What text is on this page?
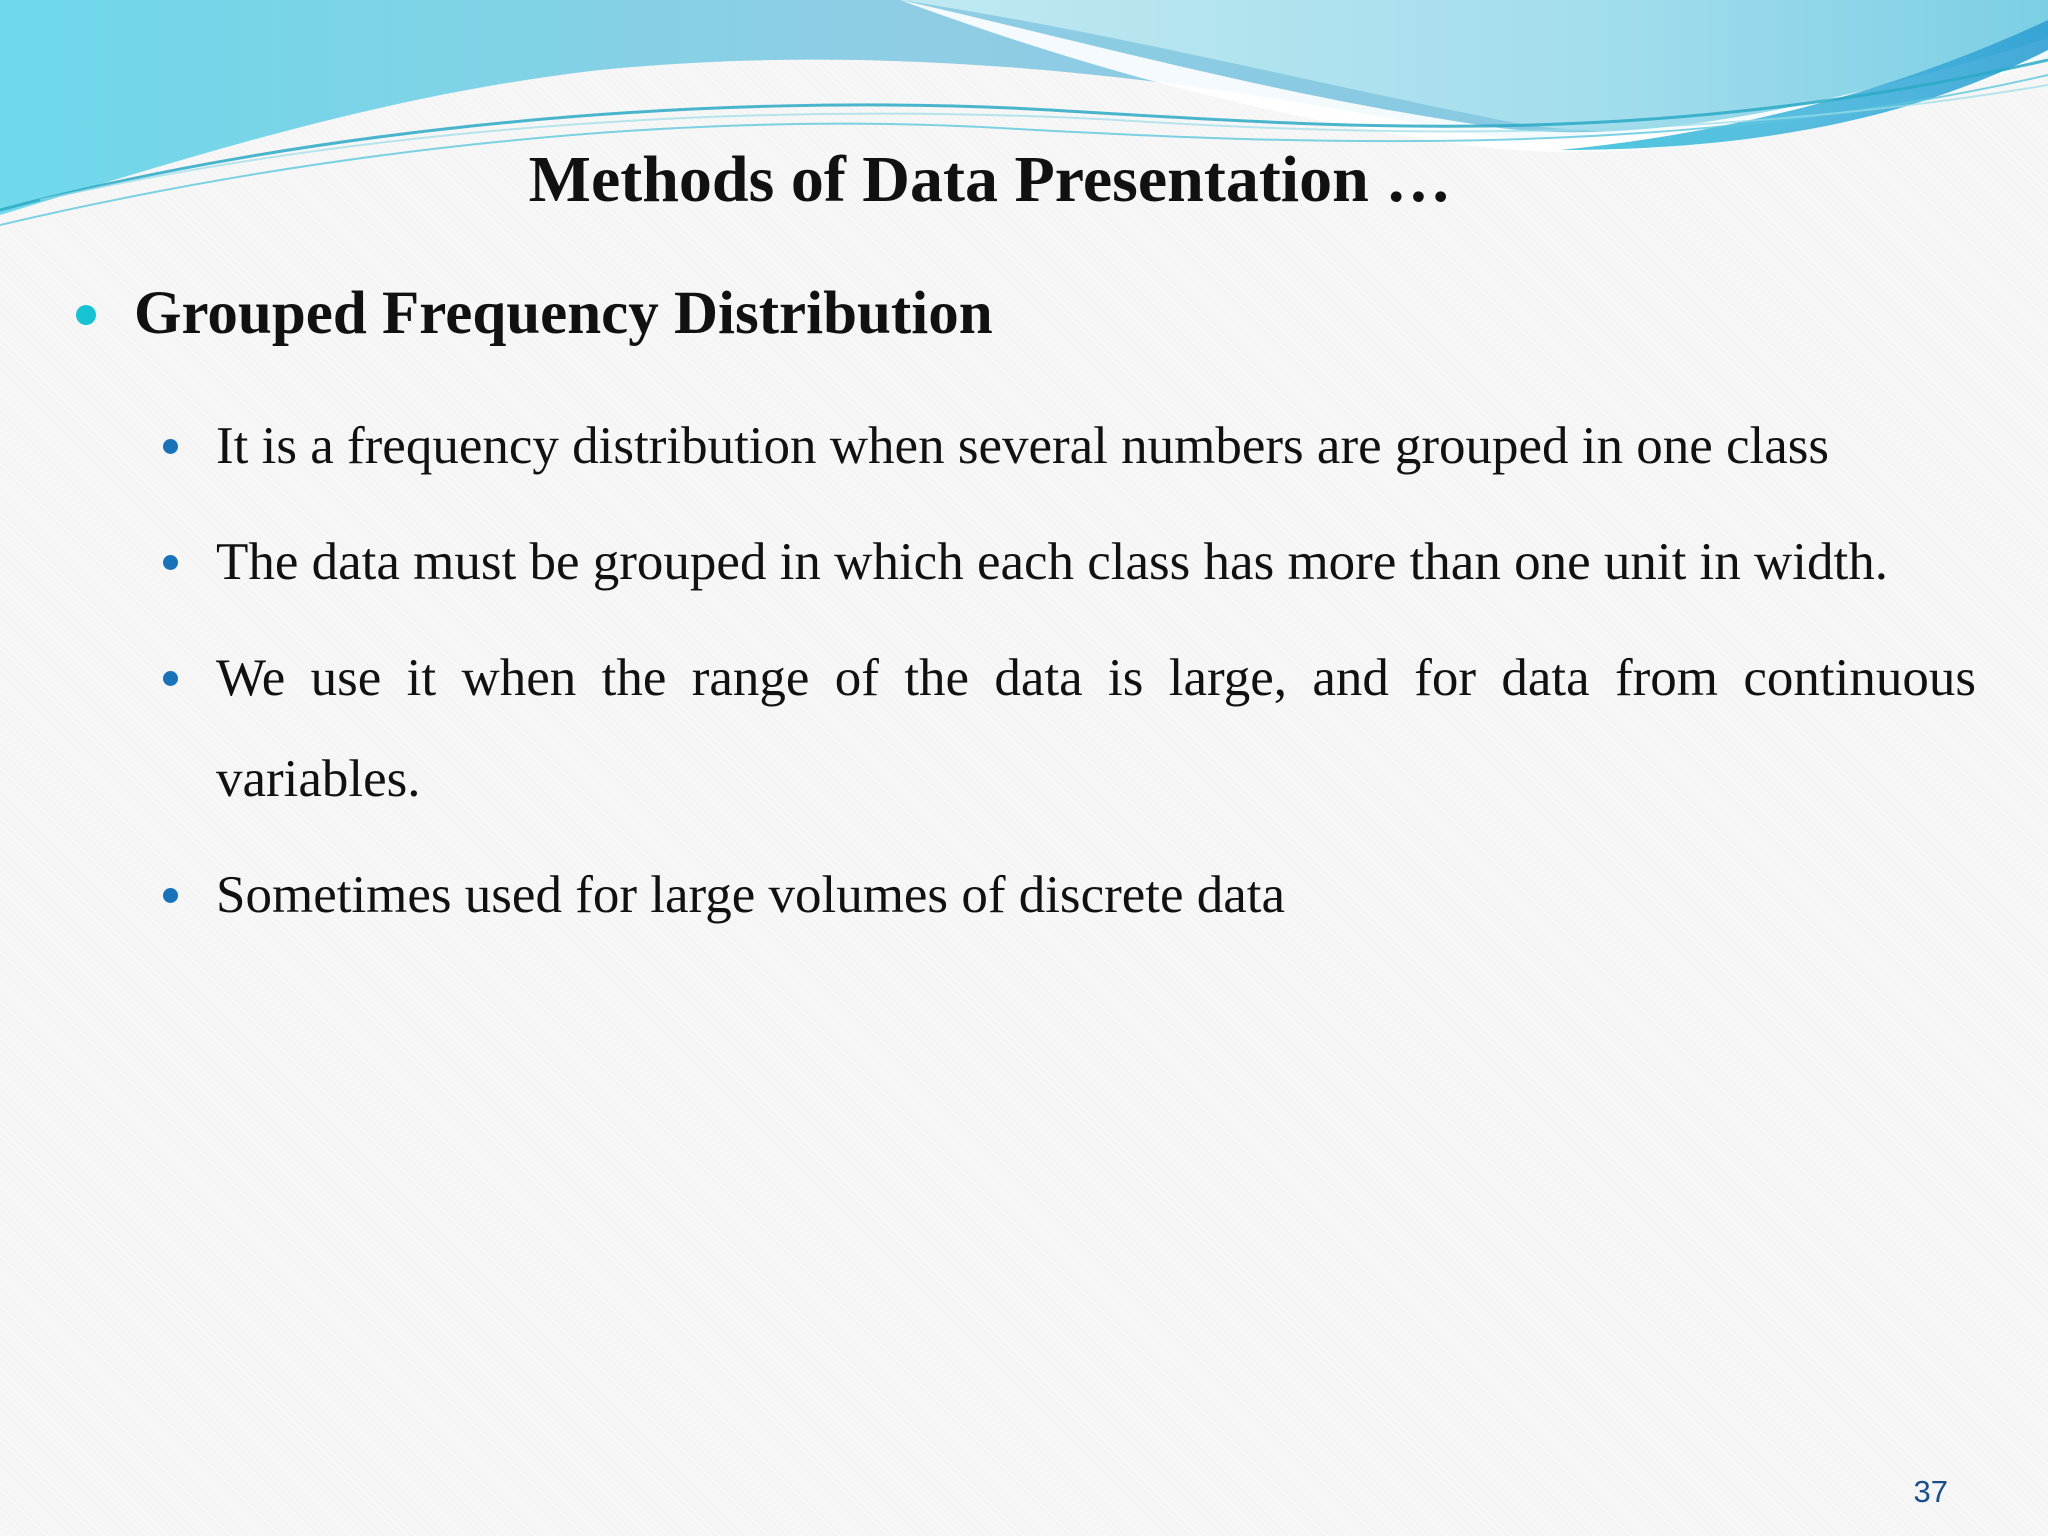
Methods of Data Presentation …
Grouped Frequency Distribution
It is a frequency distribution when several numbers are grouped in one class
The data must be grouped in which each class has more than one unit in width.
We use it when the range of the data is large, and for data from continuous variables.
Sometimes used for large volumes of discrete data
37
